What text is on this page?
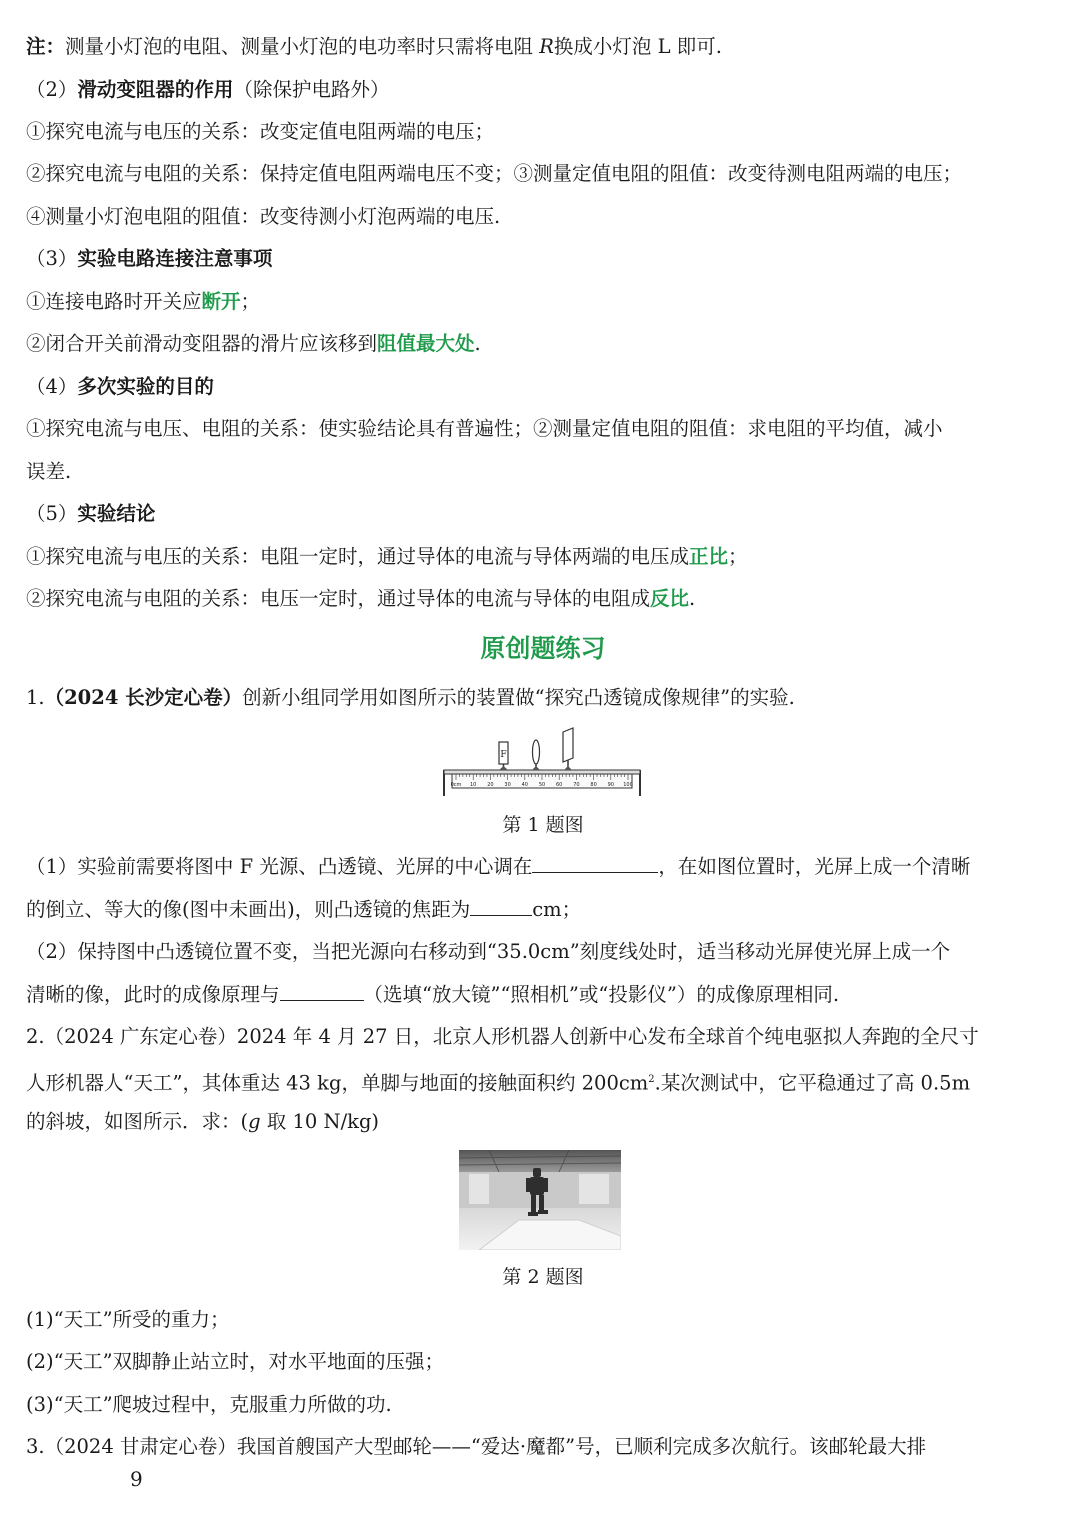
注：测量小灯泡的电阻、测量小灯泡的电功率时只需将电阻 R换成小灯泡 L 即可.
（2）滑动变阻器的作用（除保护电路外）
①探究电流与电压的关系：改变定值电阻两端的电压；
②探究电流与电阻的关系：保持定值电阻两端电压不变；③测量定值电阻的阻值：改变待测电阻两端的电压；
④测量小灯泡电阻的阻值：改变待测小灯泡两端的电压.
（3）实验电路连接注意事项
①连接电路时开关应断开；
②闭合开关前滑动变阻器的滑片应该移到阻值最大处.
（4）多次实验的目的
①探究电流与电压、电阻的关系：使实验结论具有普遍性；②测量定值电阻的阻值：求电阻的平均值，减小
误差.
（5）实验结论
①探究电流与电压的关系：电阻一定时，通过导体的电流与导体两端的电压成正比；
②探究电流与电阻的关系：电压一定时，通过导体的电流与导体的电阻成反比.
原创题练习
1.（2024 长沙定心卷）创新小组同学用如图所示的装置做“探究凸透镜成像规律”的实验.
0cm 10 20 30 40 50 60 70 80 90 100
F
第 1 题图
（1）实验前需要将图中 F 光源、凸透镜、光屏的中心调在	，在如图位置时，光屏上成一个清晰
的倒立、等大的像(图中未画出)，则凸透镜的焦距为	cm；
（2）保持图中凸透镜位置不变，当把光源向右移动到“35.0cm”刻度线处时，适当移动光屏使光屏上成一个
清晰的像，此时的成像原理与	（选填“放大镜”“照相机”或“投影仪”）的成像原理相同.
2.（2024 广东定心卷）2024 年 4 月 27 日，北京人形机器人创新中心发布全球首个纯电驱拟人奔跑的全尺寸
人形机器人“天工”，其体重达 43 kg，单脚与地面的接触面积约 $200cm^2$.某次测试中，它平稳通过了高 0.5m
的斜坡，如图所示．求：(g 取 10 N/kg)
第 2 题图
(1)“天工”所受的重力；
(2)“天工”双脚静止站立时，对水平地面的压强；
(3)“天工”爬坡过程中，克服重力所做的功.
3.（2024 甘肃定心卷）我国首艘国产大型邮轮——“爱达·魔都”号，已顺利完成多次航行。该邮轮最大排
9
